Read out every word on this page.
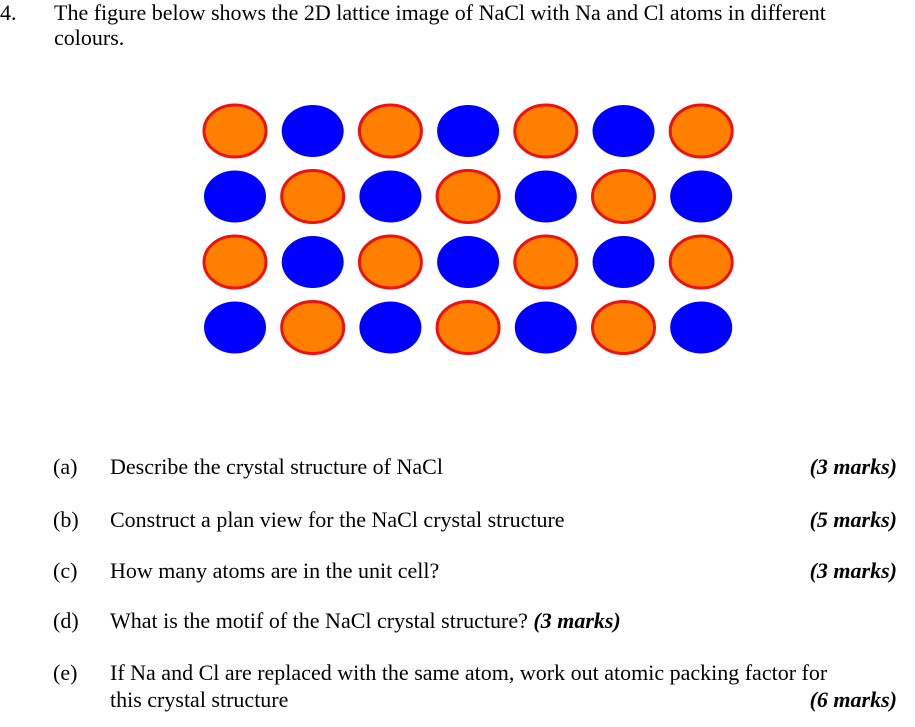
4. The figure below shows the 2D lattice image of NaCl with Na and Cl atoms in different
colours.
(a) Describe the crystal structure of NaCl	(3 marks)
(b) Construct a plan view for the NaCl crystal structure	(5 marks)
(c) How many atoms are in the unit cell?	(3 marks)
(d) What is the motif of the NaCl crystal structure? (3 marks)
(e) If Na and Cl are replaced with the same atom, work out atomic packing factor for
this crystal structure	(6 marks)
